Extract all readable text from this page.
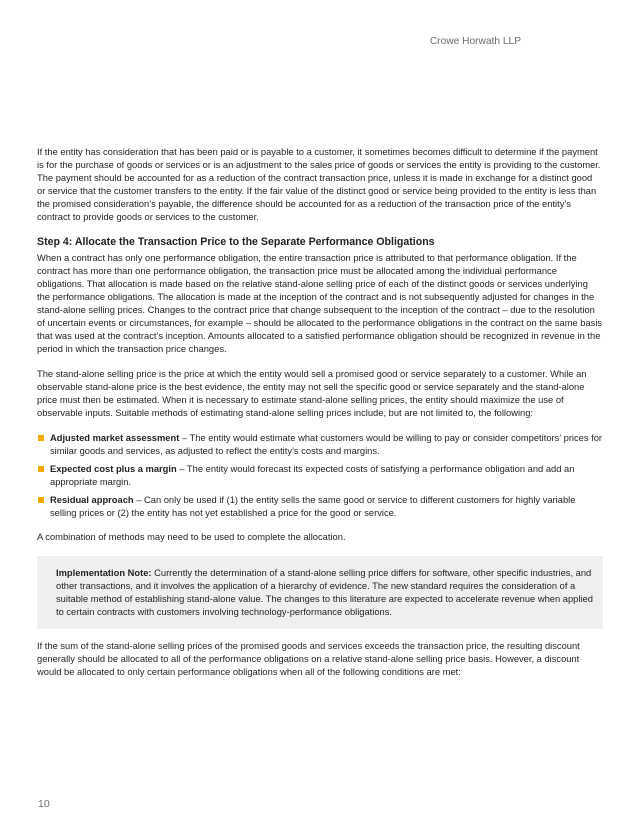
Crowe Horwath LLP

If the entity has consideration that has been paid or is payable to a customer, it sometimes becomes difficult to determine if the payment is for the purchase of goods or services or is an adjustment to the sales price of goods or services the entity is providing to the customer. The payment should be accounted for as a reduction of the contract transaction price, unless it is made in exchange for a distinct good or service that the customer transfers to the entity. If the fair value of the distinct good or service being provided to the entity is less than the promised consideration’s payable, the difference should be accounted for as a reduction of the transaction price of the entity’s contract to provide goods or services to the customer.

Step 4: Allocate the Transaction Price to the Separate Performance Obligations

When a contract has only one performance obligation, the entire transaction price is attributed to that performance obligation. If the contract has more than one performance obligation, the transaction price must be allocated among the individual performance obligations. That allocation is made based on the relative stand-alone selling price of each of the distinct goods or services underlying the performance obligations. The allocation is made at the inception of the contract and is not subsequently adjusted for changes in the stand-alone selling prices. Changes to the contract price that change subsequent to the inception of the contract – due to the resolution of uncertain events or circumstances, for example – should be allocated to the performance obligations in the contract on the same basis that was used at the contract’s inception. Amounts allocated to a satisfied performance obligation should be recognized in revenue in the period in which the transaction price changes.

The stand-alone selling price is the price at which the entity would sell a promised good or service separately to a customer. While an observable stand-alone price is the best evidence, the entity may not sell the specific good or service separately and the stand-alone price must then be estimated. When it is necessary to estimate stand-alone selling prices, the entity should maximize the use of observable inputs. Suitable methods of estimating stand-alone selling prices include, but are not limited to, the following:

Adjusted market assessment – The entity would estimate what customers would be willing to pay or consider competitors’ prices for similar goods and services, as adjusted to reflect the entity’s costs and margins.
Expected cost plus a margin – The entity would forecast its expected costs of satisfying a performance obligation and add an appropriate margin.
Residual approach – Can only be used if (1) the entity sells the same good or service to different customers for highly variable selling prices or (2) the entity has not yet established a price for the good or service.

A combination of methods may need to be used to complete the allocation.

Implementation Note: Currently the determination of a stand-alone selling price differs for software, other specific industries, and other transactions, and it involves the application of a hierarchy of evidence. The new standard requires the consideration of a suitable method of establishing stand-alone value. The changes to this literature are expected to accelerate revenue when applied to certain contracts with customers involving technology-performance obligations.

If the sum of the stand-alone selling prices of the promised goods and services exceeds the transaction price, the resulting discount generally should be allocated to all of the performance obligations on a relative stand-alone selling price basis. However, a discount would be allocated to only certain performance obligations when all of the following conditions are met:

10
